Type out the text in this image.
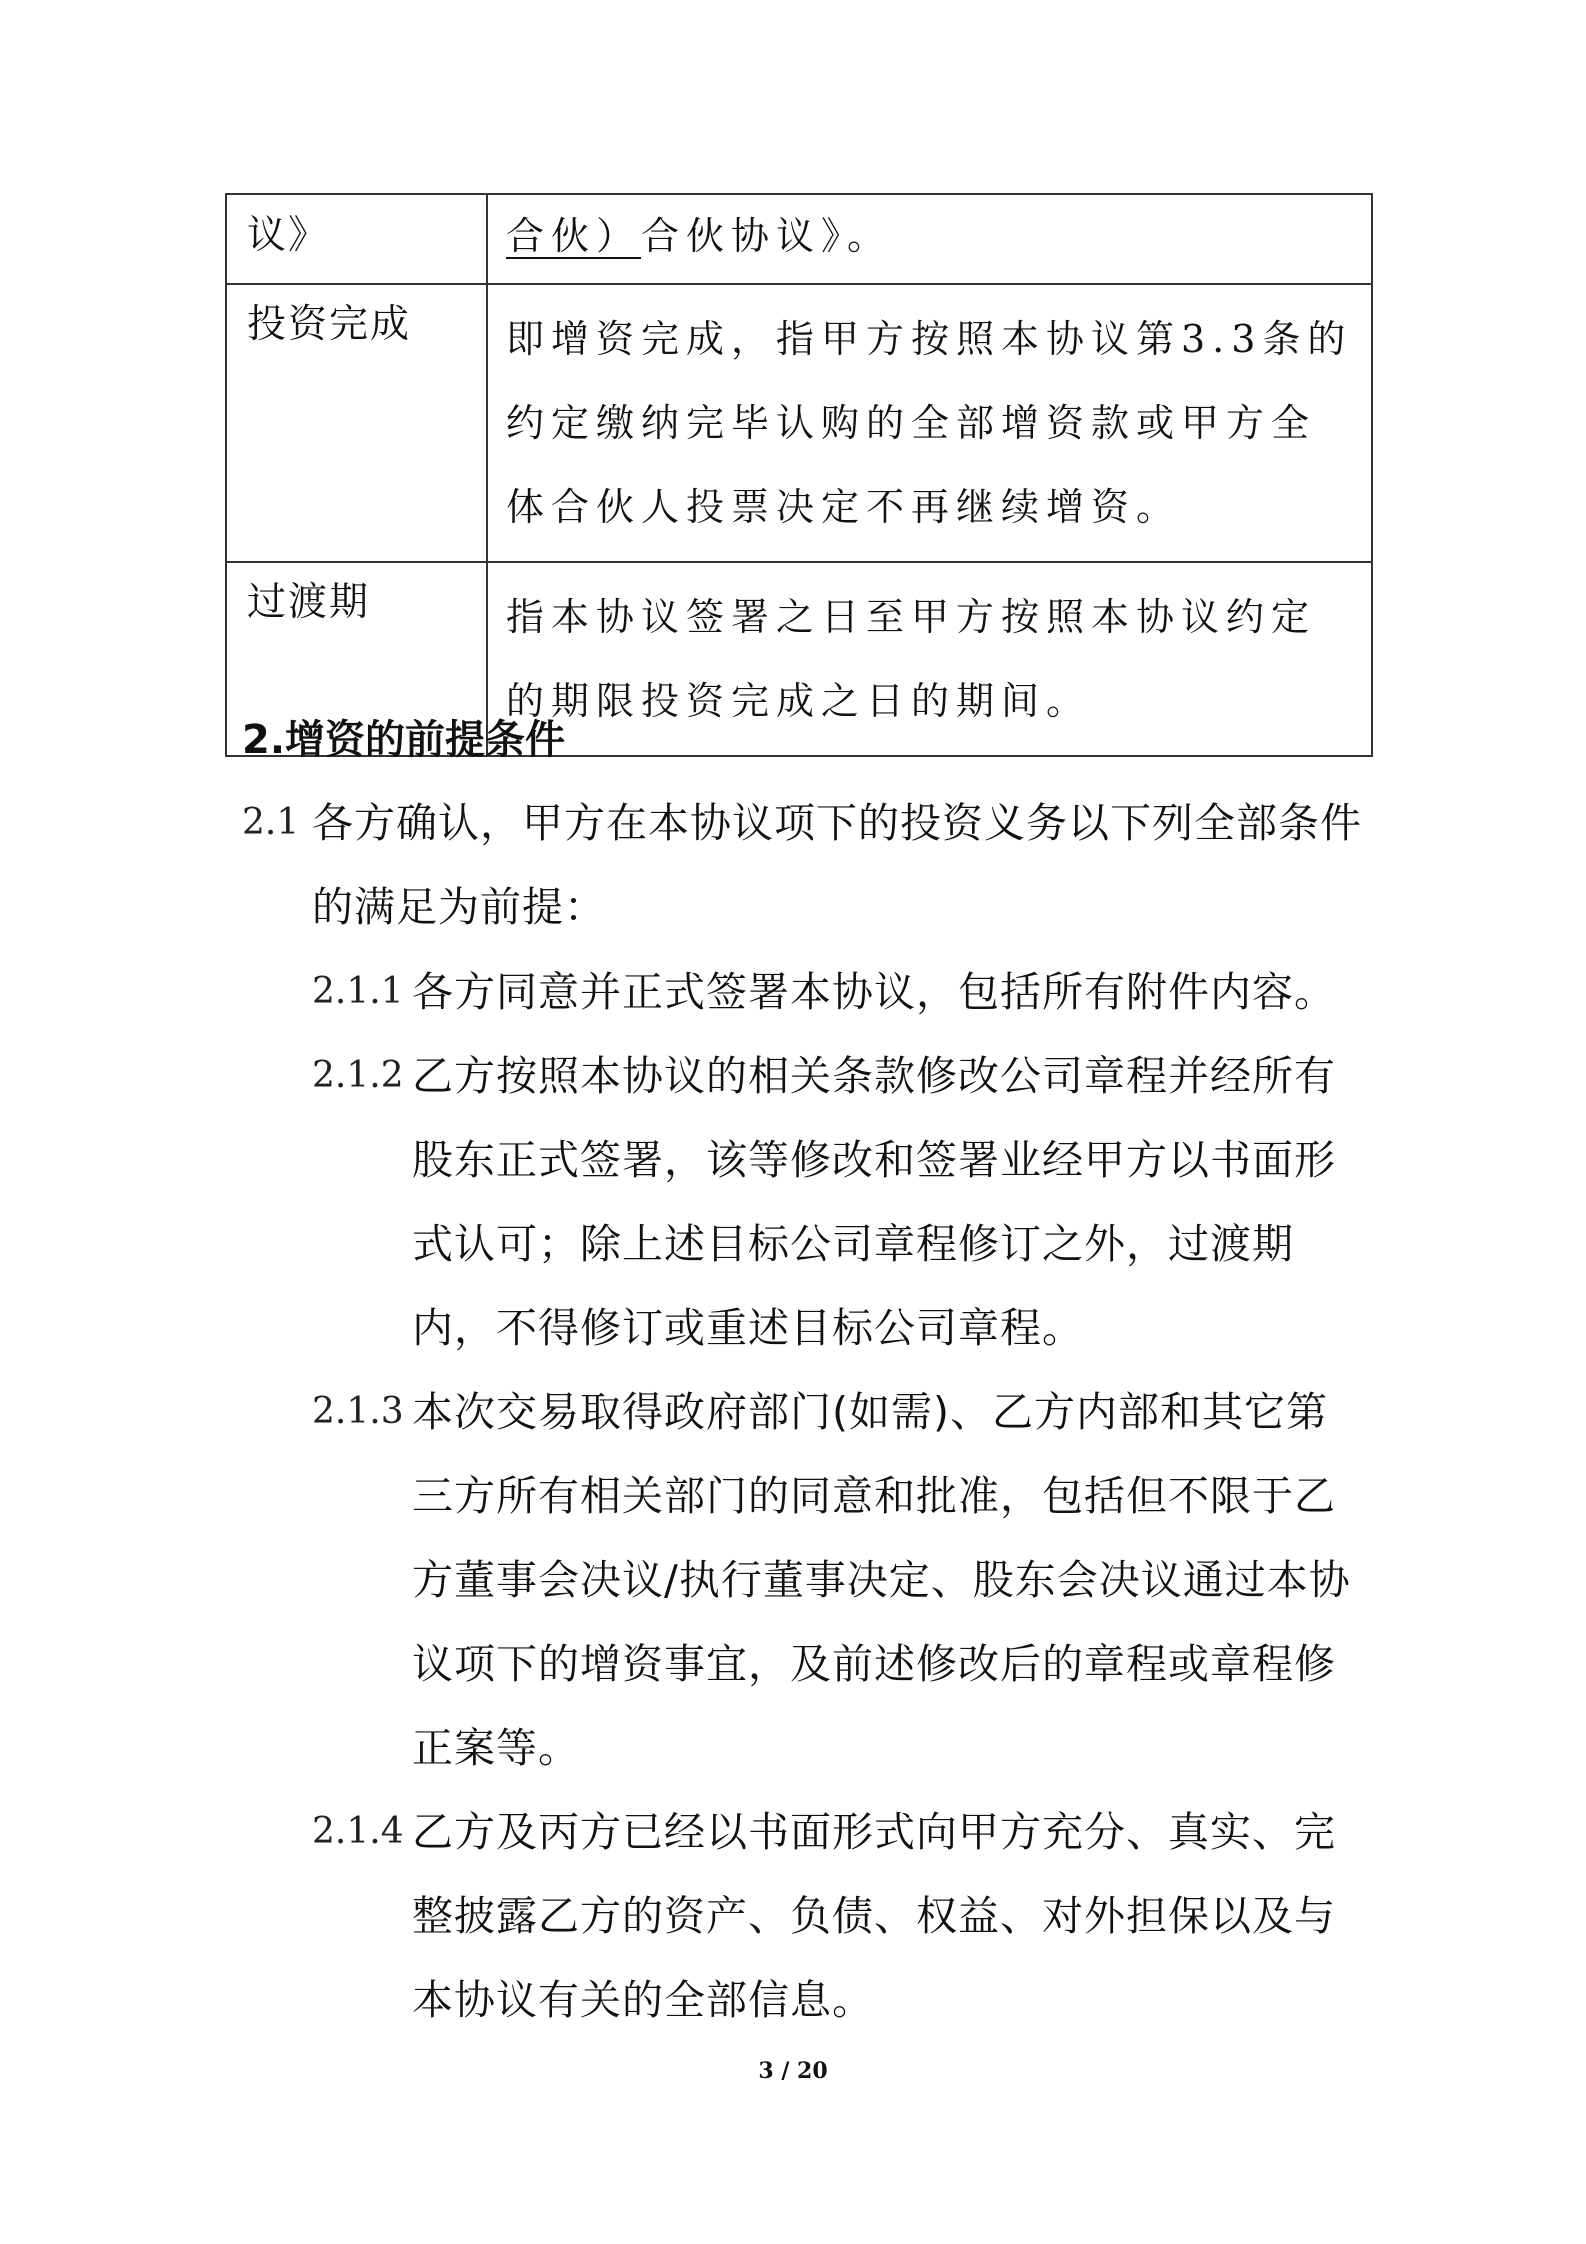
议》	合伙）合伙协议》。

投资完成	即增资完成，指甲方按照本协议第3.3条的约定缴纳完毕认购的全部增资款或甲方全体合伙人投票决定不再继续增资。

过渡期	指本协议签署之日至甲方按照本协议约定的期限投资完成之日的期间。
2.增资的前提条件
2.1 各方确认，甲方在本协议项下的投资义务以下列全部条件的满足为前提：
2.1.1 各方同意并正式签署本协议，包括所有附件内容。
2.1.2 乙方按照本协议的相关条款修改公司章程并经所有股东正式签署，该等修改和签署业经甲方以书面形式认可；除上述目标公司章程修订之外，过渡期内，不得修订或重述目标公司章程。
2.1.3 本次交易取得政府部门(如需)、乙方内部和其它第三方所有相关部门的同意和批准，包括但不限于乙方董事会决议/执行董事决定、股东会决议通过本协议项下的增资事宜，及前述修改后的章程或章程修正案等。
2.1.4 乙方及丙方已经以书面形式向甲方充分、真实、完整披露乙方的资产、负债、权益、对外担保以及与本协议有关的全部信息。
3 / 20
